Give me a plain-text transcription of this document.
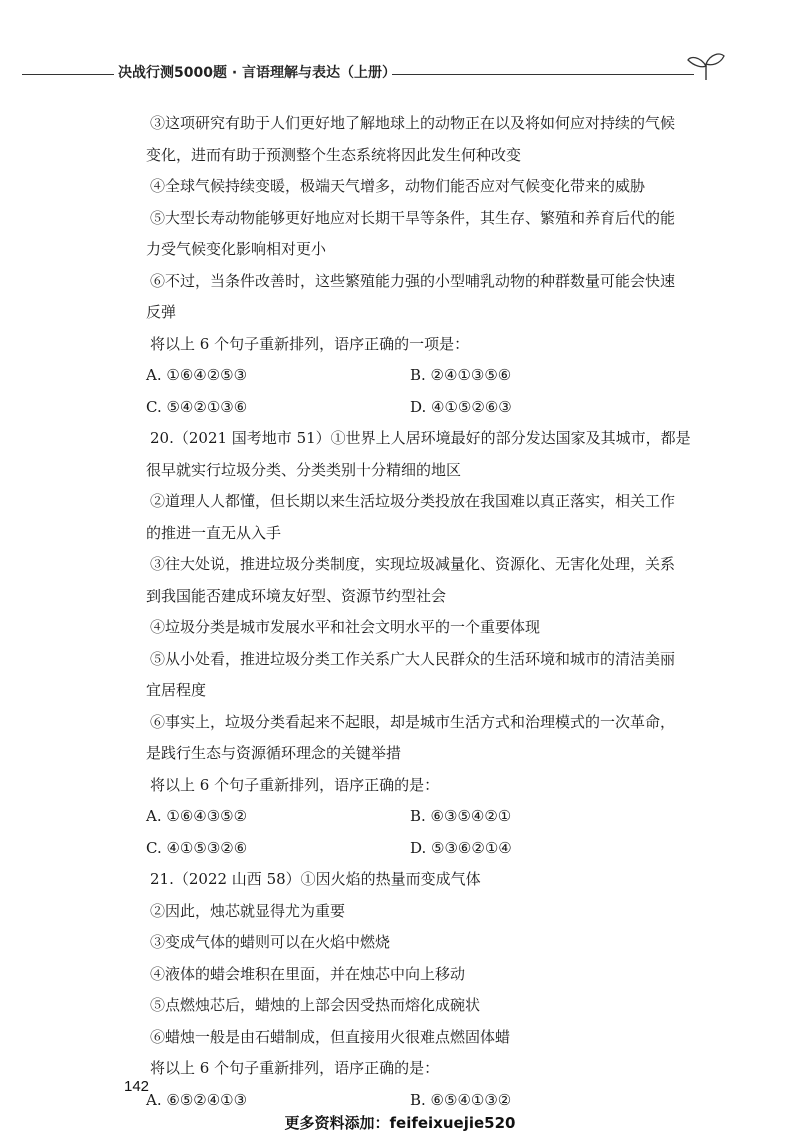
决战行测5000题 · 言语理解与表达（上册）
③这项研究有助于人们更好地了解地球上的动物正在以及将如何应对持续的气候
变化，进而有助于预测整个生态系统将因此发生何种改变
④全球气候持续变暖，极端天气增多，动物们能否应对气候变化带来的威胁
⑤大型长寿动物能够更好地应对长期干旱等条件，其生存、繁殖和养育后代的能
力受气候变化影响相对更小
⑥不过，当条件改善时，这些繁殖能力强的小型哺乳动物的种群数量可能会快速
反弹
将以上 6 个句子重新排列，语序正确的一项是：
A. ①⑥④②⑤③	B. ②④①③⑤⑥
C. ⑤④②①③⑥	D. ④①⑤②⑥③
20.（2021 国考地市 51）①世界上人居环境最好的部分发达国家及其城市，都是
很早就实行垃圾分类、分类类别十分精细的地区
②道理人人都懂，但长期以来生活垃圾分类投放在我国难以真正落实，相关工作
的推进一直无从入手
③往大处说，推进垃圾分类制度，实现垃圾减量化、资源化、无害化处理，关系
到我国能否建成环境友好型、资源节约型社会
④垃圾分类是城市发展水平和社会文明水平的一个重要体现
⑤从小处看，推进垃圾分类工作关系广大人民群众的生活环境和城市的清洁美丽
宜居程度
⑥事实上，垃圾分类看起来不起眼，却是城市生活方式和治理模式的一次革命，
是践行生态与资源循环理念的关键举措
将以上 6 个句子重新排列，语序正确的是：
A. ①⑥④③⑤②	B. ⑥③⑤④②①
C. ④①⑤③②⑥	D. ⑤③⑥②①④
21.（2022 山西 58）①因火焰的热量而变成气体
②因此，烛芯就显得尤为重要
③变成气体的蜡则可以在火焰中燃烧
④液体的蜡会堆积在里面，并在烛芯中向上移动
⑤点燃烛芯后，蜡烛的上部会因受热而熔化成碗状
⑥蜡烛一般是由石蜡制成，但直接用火很难点燃固体蜡
将以上 6 个句子重新排列，语序正确的是：
A. ⑥⑤②④①③	B. ⑥⑤④①③②
142
更多资料添加：feifeixuejie520
